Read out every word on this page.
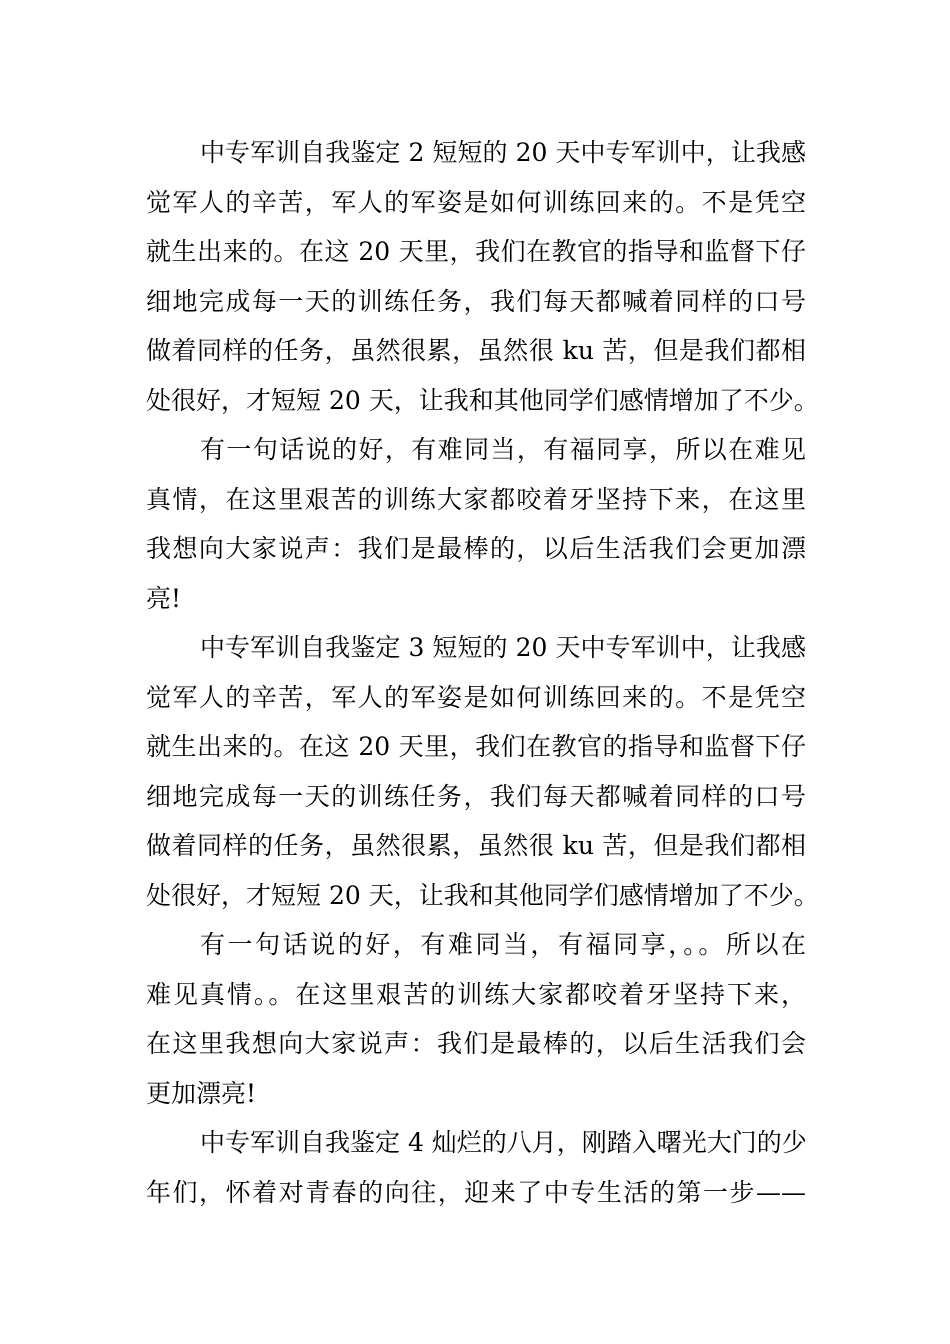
中专军训自我鉴定 2 短短的 20 天中专军训中，让我感
觉军人的辛苦，军人的军姿是如何训练回来的。不是凭空
就生出来的。在这 20 天里，我们在教官的指导和监督下仔
细地完成每一天的训练任务，我们每天都喊着同样的口号
做着同样的任务，虽然很累，虽然很 ku 苦，但是我们都相
处很好，才短短 20 天，让我和其他同学们感情增加了不少。

有一句话说的好，有难同当，有福同享，所以在难见
真情，在这里艰苦的训练大家都咬着牙坚持下来，在这里
我想向大家说声：我们是最棒的，以后生活我们会更加漂
亮!

中专军训自我鉴定 3 短短的 20 天中专军训中，让我感
觉军人的辛苦，军人的军姿是如何训练回来的。不是凭空
就生出来的。在这 20 天里，我们在教官的指导和监督下仔
细地完成每一天的训练任务，我们每天都喊着同样的口号
做着同样的任务，虽然很累，虽然很 ku 苦，但是我们都相
处很好，才短短 20 天，让我和其他同学们感情增加了不少。

有一句话说的好，有难同当，有福同享，。。所以在
难见真情。。在这里艰苦的训练大家都咬着牙坚持下来，
在这里我想向大家说声：我们是最棒的，以后生活我们会
更加漂亮!

中专军训自我鉴定 4 灿烂的八月，刚踏入曙光大门的少
年们，怀着对青春的向往，迎来了中专生活的第一步——
